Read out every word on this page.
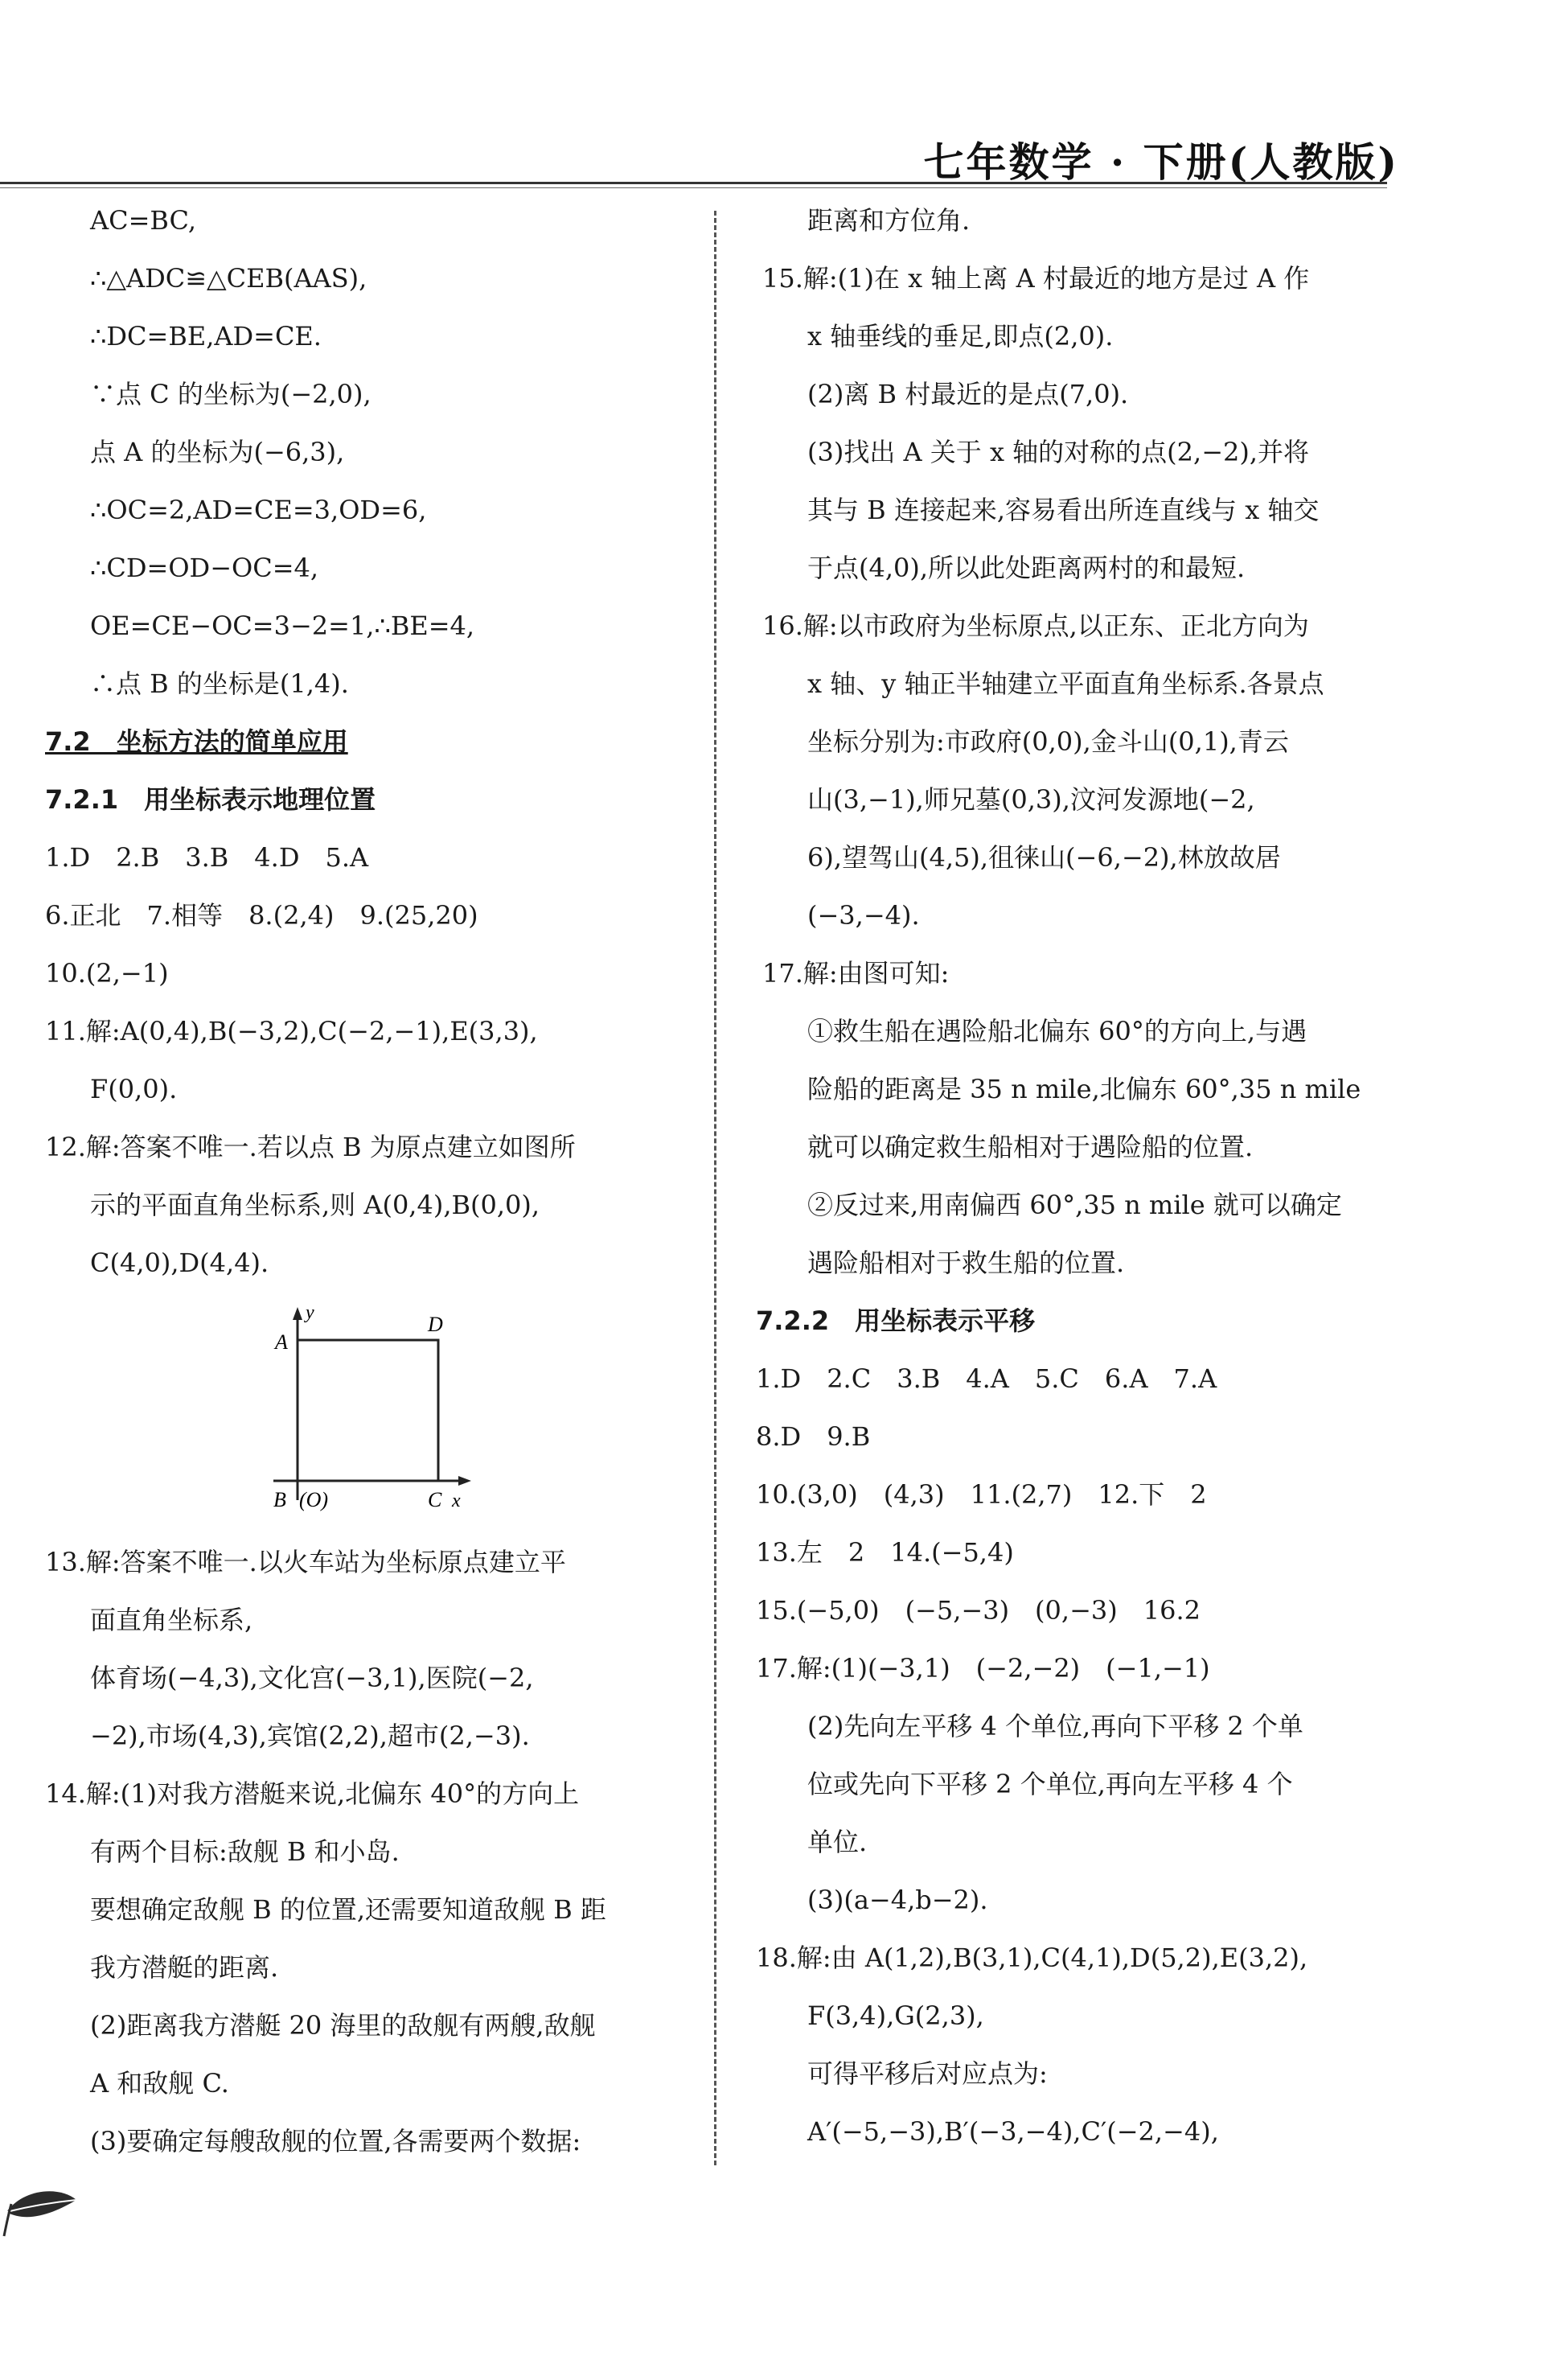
七年数学 · 下册(人教版)
AC=BC,
∴△ADC≌△CEB(AAS),
∴DC=BE,AD=CE.
∵点 C 的坐标为(−2,0),
点 A 的坐标为(−6,3),
∴OC=2,AD=CE=3,OD=6,
∴CD=OD−OC=4,
OE=CE−OC=3−2=1,∴BE=4,
∴点 B 的坐标是(1,4).
7.2　坐标方法的简单应用
7.2.1　用坐标表示地理位置
1.D　2.B　3.B　4.D　5.A
6.正北　7.相等　8.(2,4)　9.(25,20)
10.(2,−1)
11.解:A(0,4),B(−3,2),C(−2,−1),E(3,3),
F(0,0).
12.解:答案不唯一.若以点 B 为原点建立如图所
示的平面直角坐标系,则 A(0,4),B(0,0),
C(4,0),D(4,4).
y
A
D
B (O)	C x
13.解:答案不唯一.以火车站为坐标原点建立平
面直角坐标系,
体育场(−4,3),文化宫(−3,1),医院(−2,
−2),市场(4,3),宾馆(2,2),超市(2,−3).
14.解:(1)对我方潜艇来说,北偏东 40°的方向上
有两个目标:敌舰 B 和小岛.
要想确定敌舰 B 的位置,还需要知道敌舰 B 距
我方潜艇的距离.
(2)距离我方潜艇 20 海里的敌舰有两艘,敌舰
A 和敌舰 C.
(3)要确定每艘敌舰的位置,各需要两个数据:
距离和方位角.
15.解:(1)在 x 轴上离 A 村最近的地方是过 A 作
x 轴垂线的垂足,即点(2,0).
(2)离 B 村最近的是点(7,0).
(3)找出 A 关于 x 轴的对称的点(2,−2),并将
其与 B 连接起来,容易看出所连直线与 x 轴交
于点(4,0),所以此处距离两村的和最短.
16.解:以市政府为坐标原点,以正东、正北方向为
x 轴、y 轴正半轴建立平面直角坐标系.各景点
坐标分别为:市政府(0,0),金斗山(0,1),青云
山(3,−1),师兄墓(0,3),汶河发源地(−2,
6),望驾山(4,5),徂徕山(−6,−2),林放故居
(−3,−4).
17.解:由图可知:
①救生船在遇险船北偏东 60°的方向上,与遇
险船的距离是 35 n mile,北偏东 60°,35 n mile
就可以确定救生船相对于遇险船的位置.
②反过来,用南偏西 60°,35 n mile 就可以确定
遇险船相对于救生船的位置.
7.2.2　用坐标表示平移
1.D　2.C　3.B　4.A　5.C　6.A　7.A
8.D　9.B
10.(3,0)　(4,3)　11.(2,7)　12.下　2
13.左　2　14.(−5,4)
15.(−5,0)　(−5,−3)　(0,−3)　16.2
17.解:(1)(−3,1)　(−2,−2)　(−1,−1)
(2)先向左平移 4 个单位,再向下平移 2 个单
位或先向下平移 2 个单位,再向左平移 4 个
单位.
(3)(a−4,b−2).
18.解:由 A(1,2),B(3,1),C(4,1),D(5,2),E(3,2),
F(3,4),G(2,3),
可得平移后对应点为:
A′(−5,−3),B′(−3,−4),C′(−2,−4),
